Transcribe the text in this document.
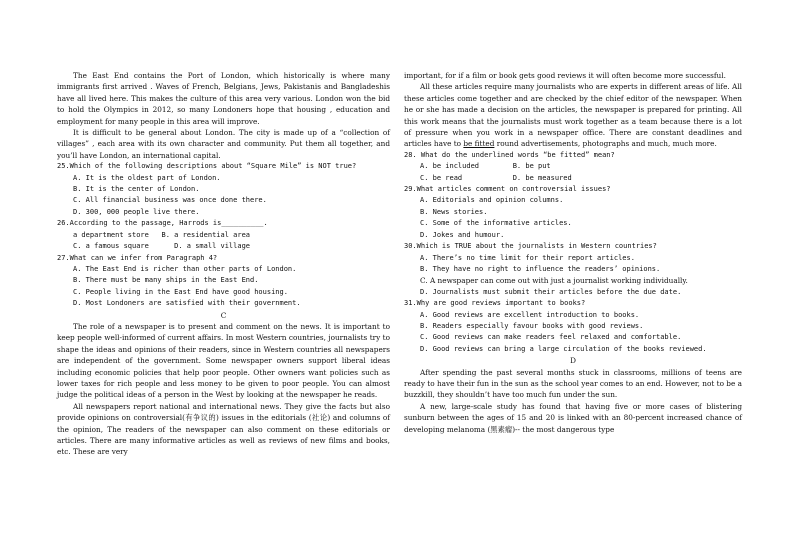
The East End contains the Port of London, which historically is where many immigrants first arrived . Waves of French, Belgians, Jews, Pakistanis and Bangladeshis have all lived here. This makes the culture of this area very various. London won the bid to hold the Olympics in 2012, so many Londoners hope that housing , education and employment for many people in this area will improve.

It is difficult to be general about London. The city is made up of a “collection of villages” , each area with its own character and community. Put them all together, and you’ll have London, an international capital.

25.Which of the following descriptions about “Square Mile” is NOT true?

A. It is the oldest part of London.

B. It is the center of London.

C. All financial business was once done there.

D. 300, 000 people live there.

26.According to the passage, Harrods is__________.

a department store   B. a residential area

C. a famous square      D. a small village

27.What can we infer from Paragraph 4?

A. The East End is richer than other parts of London.

B. There must be many ships in the East End.

C. People living in the East End have good housing.

D. Most Londoners are satisfied with their government.

C

The role of a newspaper is to present and comment on the news. It is important to keep people well-informed of current affairs. In most Western countries, journalists try to shape the ideas and opinions of their readers, since in Western countries all newspapers are independent of the government. Some newspaper owners support liberal ideas including economic policies that help poor people. Other owners want policies such as lower taxes for rich people and less money to be given to poor people. You can almost judge the political ideas of a person in the West by looking at the newspaper he reads.

All newspapers report national and international news. They give the facts but also provide opinions on controversial(有争议的) issues in the editorials (社论) and columns of the opinion, The readers of the newspaper can also comment on these editorials or articles. There are many informative articles as well as reviews of new films and books, etc. These are very

important, for if a film or book gets good reviews it will often become more successful.

All these articles require many journalists who are experts in different areas of life. All these articles come together and are checked by the chief editor of the newspaper. When he or she has made a decision on the articles, the newspaper is prepared for printing. All this work means that the journalists must work together as a team because there is a lot of pressure when you work in a newspaper office. There are constant deadlines and articles have to be fitted round advertisements, photographs and much, much more.

28. What do the underlined words “be fitted” mean?

A. be included        B. be put

C. be read            D. be measured

29.What articles comment on controversial issues?

A. Editorials and opinion columns.

B. News stories.

C. Some of the informative articles.

D. Jokes and humour.

30.Which is TRUE about the journalists in Western countries?

A. There’s no time limit for their report articles.

B. They have no right to influence the readers’ opinions.

C. A newspaper can come out with just a journalist working individually.

D. Journalists must submit their articles before the due date.

31.Why are good reviews important to books?

A. Good reviews are excellent introduction to books.

B. Readers especially favour books with good reviews.

C. Good reviews can make readers feel relaxed and comfortable.

D. Good reviews can bring a large circulation of the books reviewed.

D

After spending the past several months stuck in classrooms, millions of teens are ready to have their fun in the sun as the school year comes to an end. However, not to be a buzzkill, they shouldn’t have too much fun under the sun.

A new, large-scale study has found that having five or more cases of blistering sunburn between the ages of 15 and 20 is linked with an 80-percent increased chance of developing melanoma (黑素瘤)-- the most dangerous type
